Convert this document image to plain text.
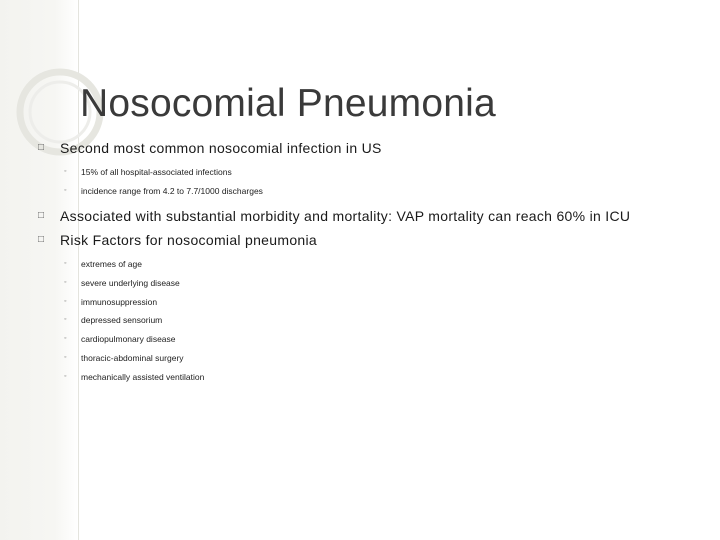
Nosocomial Pneumonia
□ Second most common nosocomial infection in US
◦ 15% of all hospital-associated infections
◦ incidence range from 4.2 to 7.7/1000 discharges
□ Associated with substantial morbidity and mortality: VAP mortality can reach 60% in ICU
□ Risk Factors for nosocomial pneumonia
◦ extremes of age
◦ severe underlying disease
◦ immunosuppression
◦ depressed sensorium
◦ cardiopulmonary disease
◦ thoracic-abdominal surgery
◦ mechanically assisted ventilation
